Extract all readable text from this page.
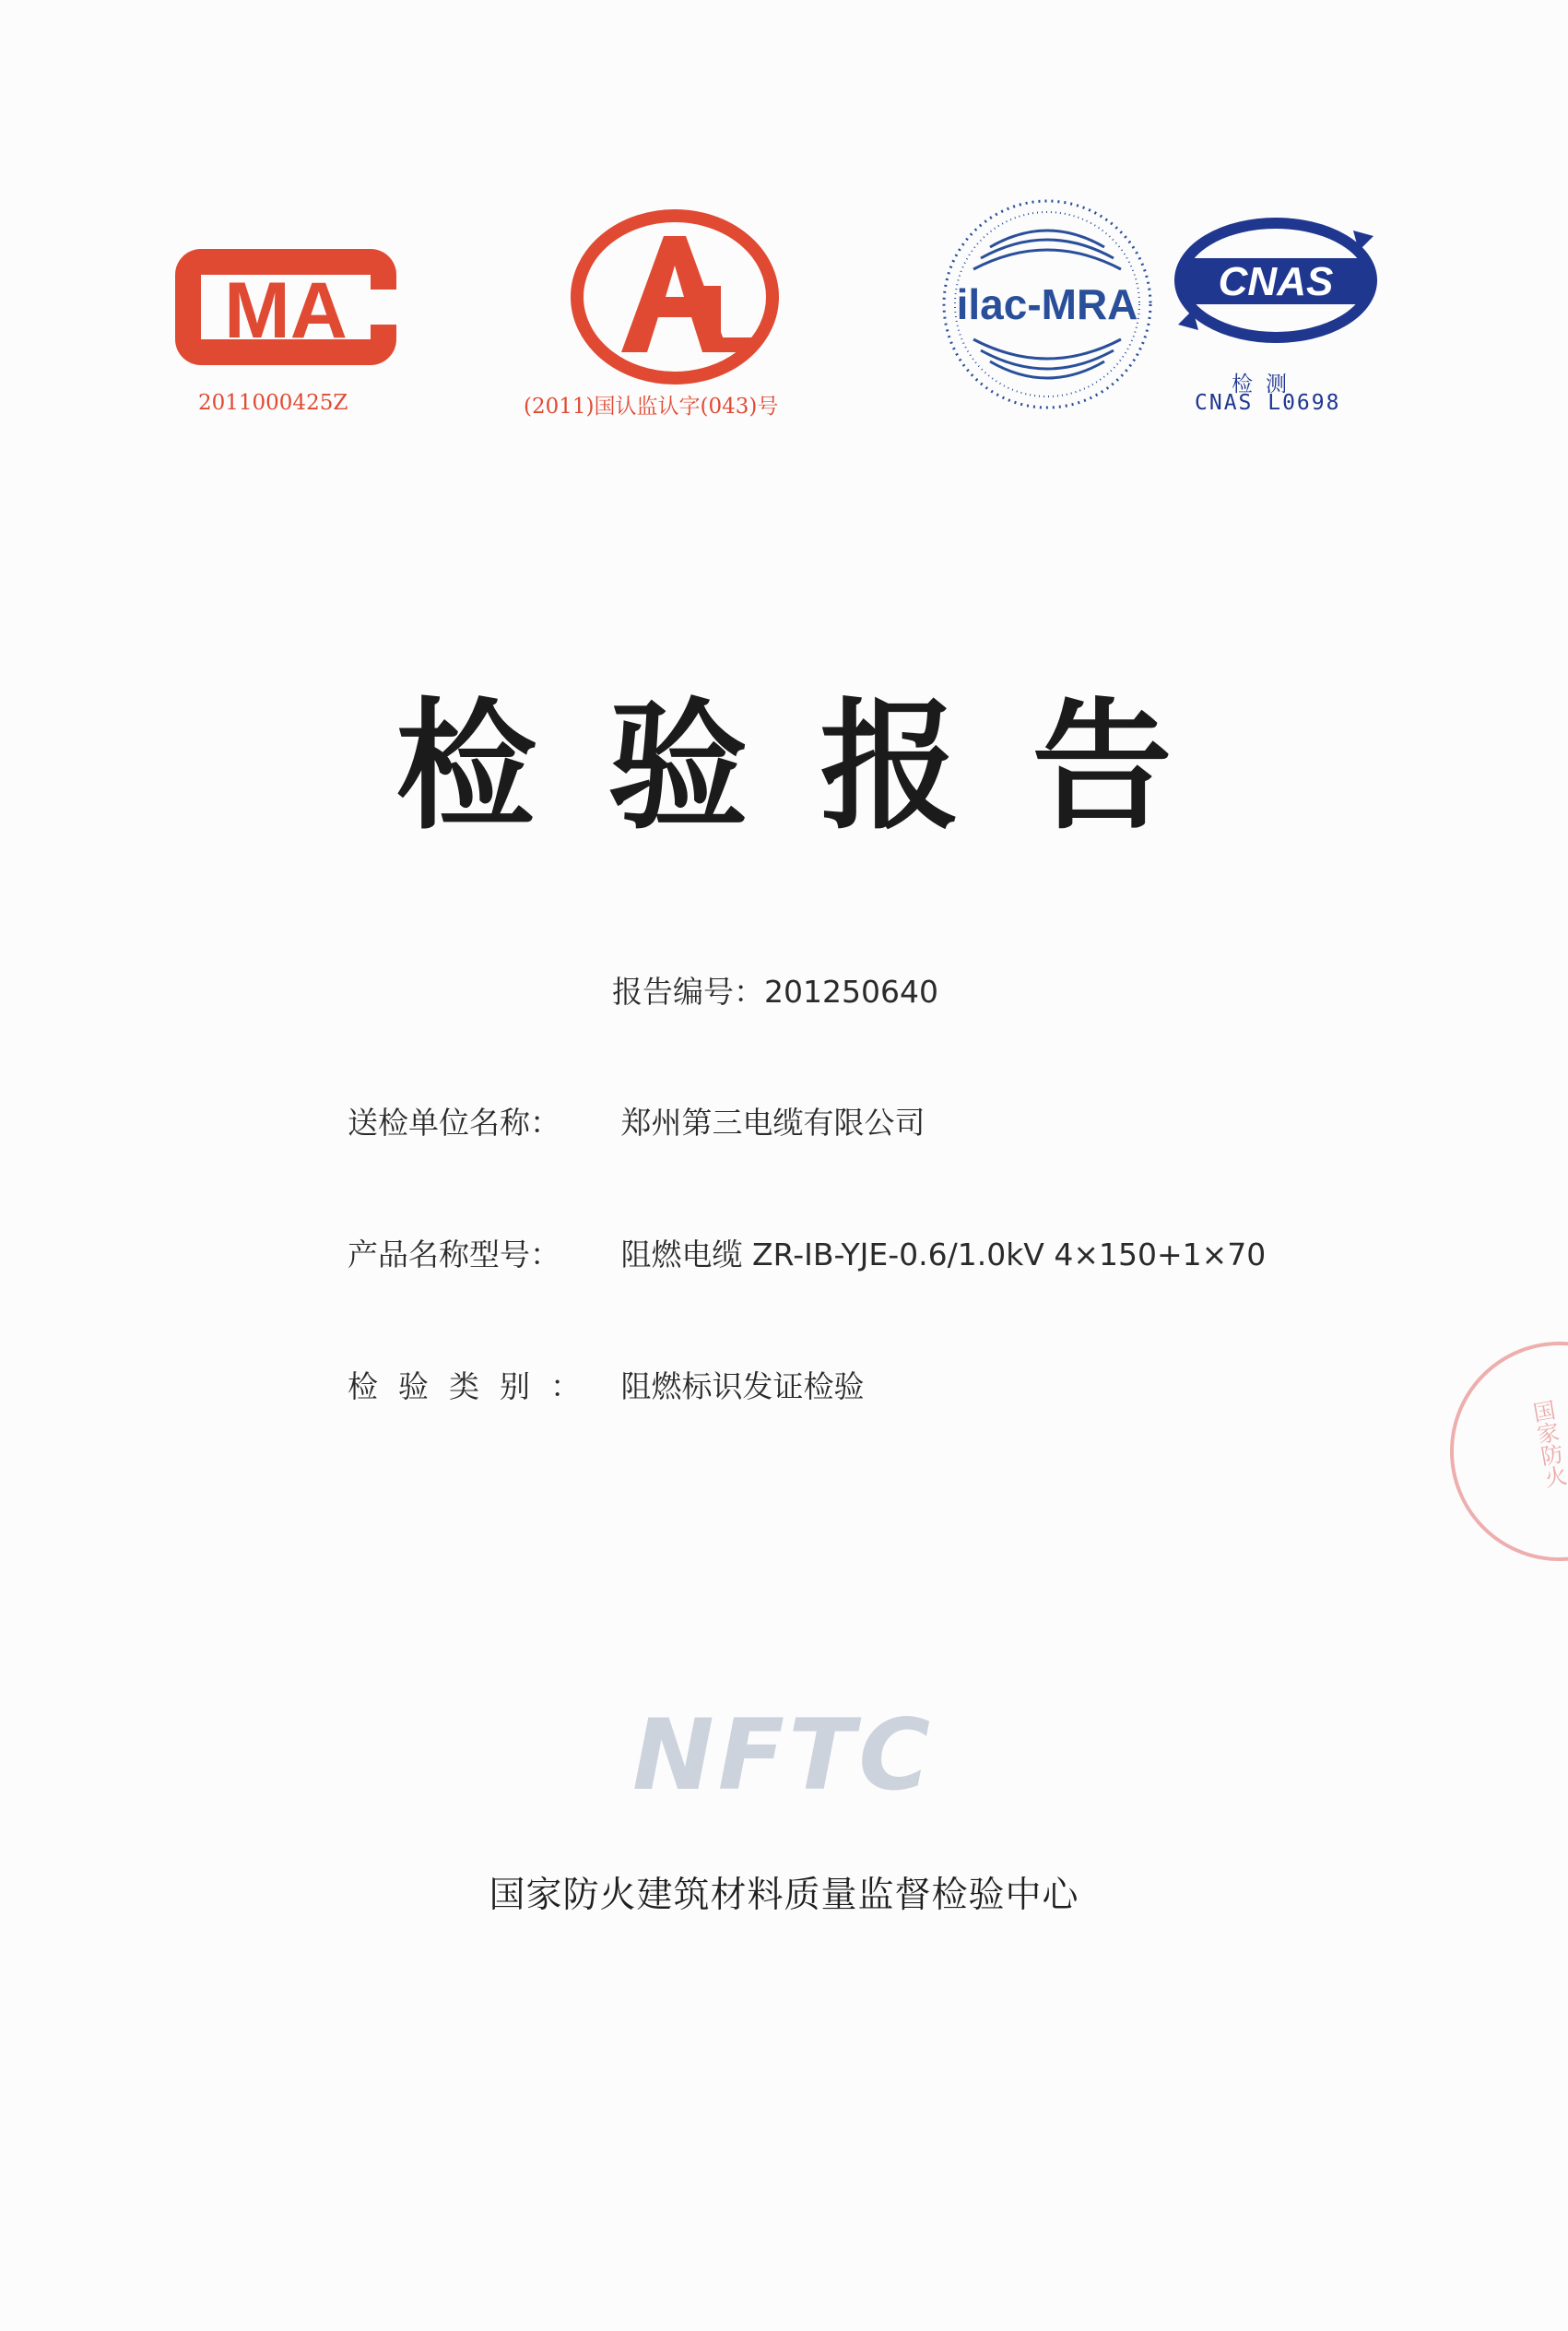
MA
2011000425Z	(2011)国认监认字(043)号
ilac-MRA CNAS
检测
CNAS L0698
检验报告
报告编号：201250640
送检单位名称： 郑州第三电缆有限公司
产品名称型号： 阻燃电缆 ZR-ⅠB-YJE-0.6/1.0kV 4×150+1×70
检验类别： 阻燃标识发证检验
NFTC
国家防火建筑材料质量监督检验中心
国家防火
